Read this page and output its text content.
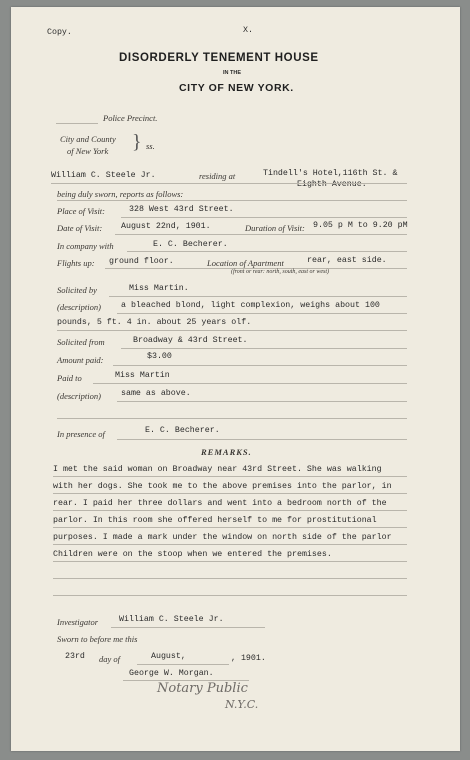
Copy.	X.
DISORDERLY TENEMENT HOUSE
IN THE
CITY OF NEW YORK.
Police Precinct.
City and County
of New York } ss.
William C. Steele Jr.	residing at	Tindell's Hotel,116th St. &
Eighth Avenue.
being duly sworn, reports as follows:
Place of Visit:	328 West 43rd Street.
Date of Visit: August 22nd, 1901.	Duration of Visit: 9.05 p M to 9.20 pM
In company with	E. C. Becherer.
Flights up: ground floor.	Location of Apartment	rear, east side.
(front or rear: north, south, east or west)
Solicited by	Miss Martin.
(description) a bleached blond, light complexion, weighs about 100
pounds, 5 ft. 4 in. about 25 years olf.
Solicited from	Broadway & 43rd Street.
Amount paid:	$3.00
Paid to	Miss Martin
(description) same as above.
In presence of	E. C. Becherer.
REMARKS.
I met the said woman on Broadway near 43rd Street. She was walking
with her dogs. She took me to the above premises into the parlor, in
rear. I paid her three dollars and went into a bedroom north of the
parlor. In this room she offered herself to me for prostitutional
purposes. I made a mark under the window on north side of the parlor
Children were on the stoop when we entered the premises.
Investigator	William C. Steele Jr.
Sworn to before me this
23rd day of	August,	, 1901.
George W. Morgan.
Notary Public
N.Y.C.
